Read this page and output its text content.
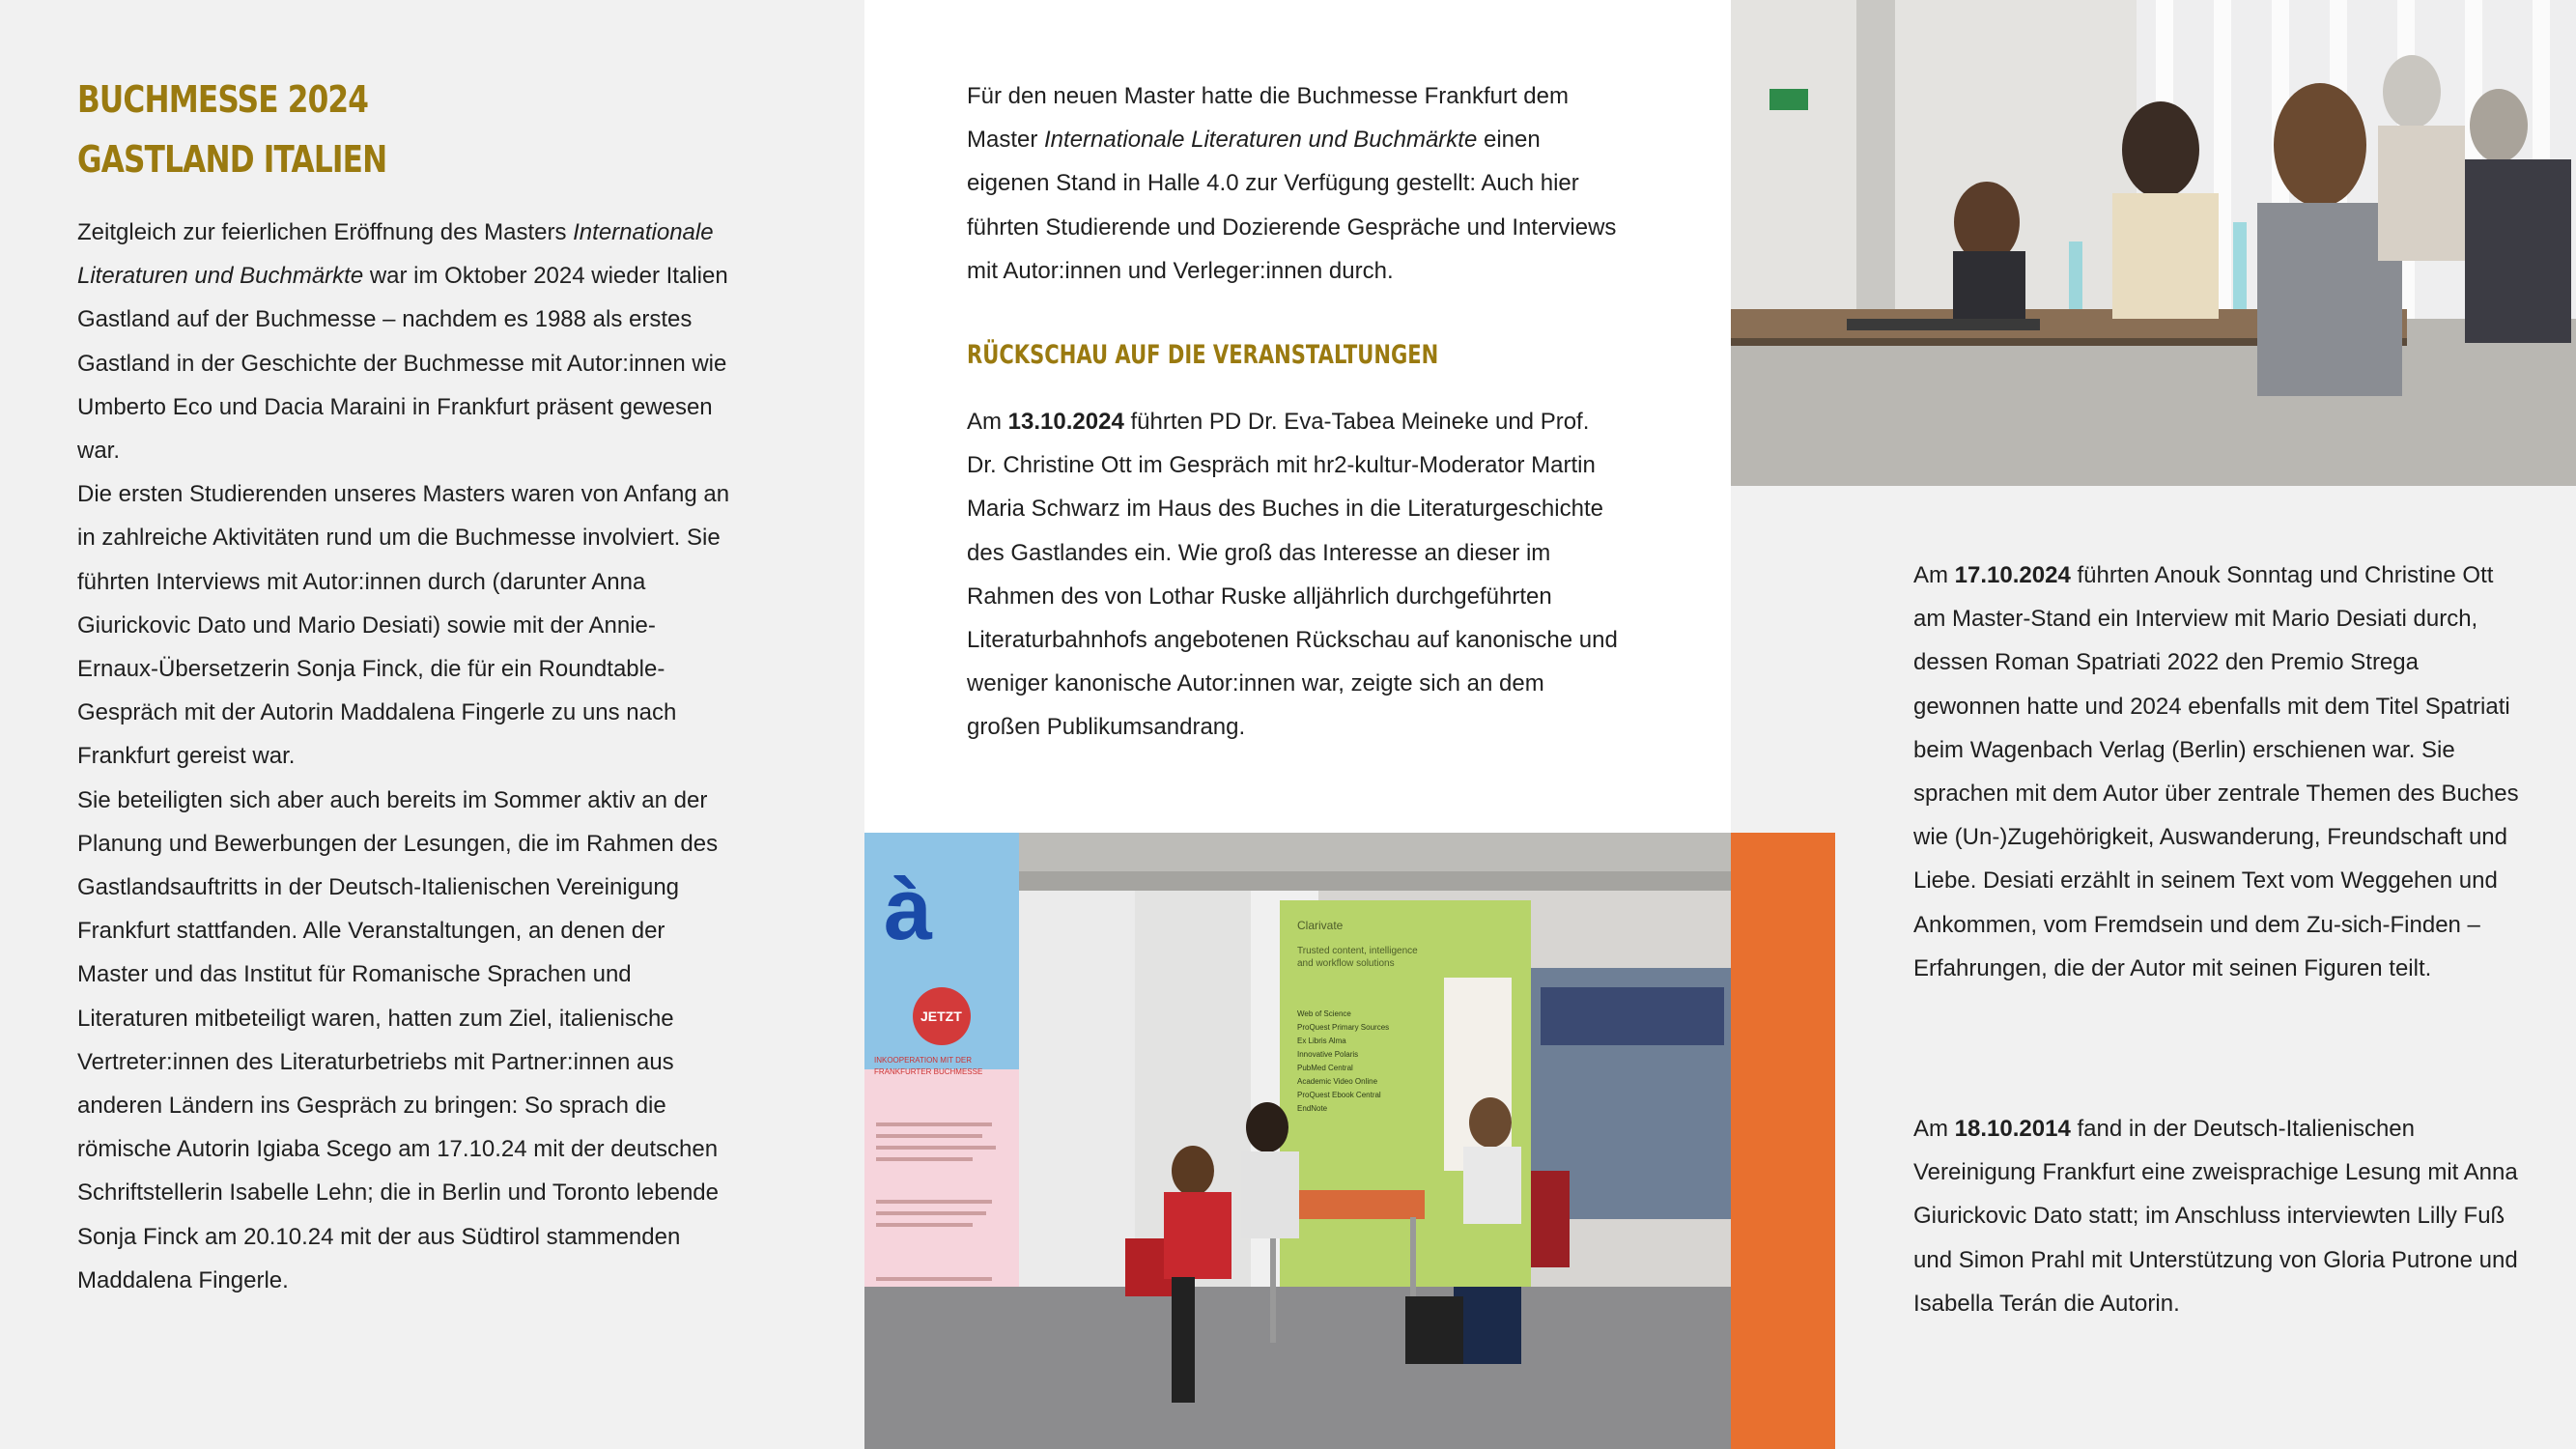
BUCHMESSE 2024
GASTLAND ITALIEN

Zeitgleich zur feierlichen Eröffnung des Masters Internationale Literaturen und Buchmärkte war im Oktober 2024 wieder Italien Gastland auf der Buchmesse – nachdem es 1988 als erstes Gastland in der Geschichte der Buchmesse mit Autor:innen wie Umberto Eco und Dacia Maraini in Frankfurt präsent gewesen war.

Die ersten Studierenden unseres Masters waren von Anfang an in zahlreiche Aktivitäten rund um die Buchmesse involviert. Sie führten Interviews mit Autor:innen durch (darunter Anna Giurickovic Dato und Mario Desiati) sowie mit der Annie-Ernaux-Übersetzerin Sonja Finck, die für ein Roundtable-Gespräch mit der Autorin Maddalena Fingerle zu uns nach Frankfurt gereist war.

Sie beteiligten sich aber auch bereits im Sommer aktiv an der Planung und Bewerbungen der Lesungen, die im Rahmen des Gastlandsauftritts in der Deutsch-Italienischen Vereinigung Frankfurt stattfanden. Alle Veranstaltungen, an denen der Master und das Institut für Romanische Sprachen und Literaturen mitbeteiligt waren, hatten zum Ziel, italienische Vertreter:innen des Literaturbetriebs mit Partner:innen aus anderen Ländern ins Gespräch zu bringen: So sprach die römische Autorin Igiaba Scego am 17.10.24 mit der deutschen Schriftstellerin Isabelle Lehn; die in Berlin und Toronto lebende Sonja Finck am 20.10.24 mit der aus Südtirol stammenden Maddalena Fingerle.

Für den neuen Master hatte die Buchmesse Frankfurt dem Master Internationale Literaturen und Buchmärkte einen eigenen Stand in Halle 4.0 zur Verfügung gestellt: Auch hier führten Studierende und Dozierende Gespräche und Interviews mit Autor:innen und Verleger:innen durch.

RÜCKSCHAU AUF DIE VERANSTALTUNGEN

Am 13.10.2024 führten PD Dr. Eva-Tabea Meineke und Prof. Dr. Christine Ott im Gespräch mit hr2-kultur-Moderator Martin Maria Schwarz im Haus des Buches in die Literaturgeschichte des Gastlandes ein. Wie groß das Interesse an dieser im Rahmen des von Lothar Ruske alljährlich durchgeführten Literaturbahnhofs angebotenen Rückschau auf kanonische und weniger kanonische Autor:innen war, zeigte sich an dem großen Publikumsandrang.

Am 17.10.2024 führten Anouk Sonntag und Christine Ott am Master-Stand ein Interview mit Mario Desiati durch, dessen Roman Spatriati 2022 den Premio Strega gewonnen hatte und 2024 ebenfalls mit dem Titel Spatriati beim Wagenbach Verlag (Berlin) erschienen war. Sie sprachen mit dem Autor über zentrale Themen des Buches wie (Un-)Zugehörigkeit, Auswanderung, Freundschaft und Liebe. Desiati erzählt in seinem Text vom Weggehen und Ankommen, vom Fremdsein und dem Zu-sich-Finden – Erfahrungen, die der Autor mit seinen Figuren teilt.

Am 18.10.2014 fand in der Deutsch-Italienischen Vereinigung Frankfurt eine zweisprachige Lesung mit Anna Giurickovic Dato statt; im Anschluss interviewten Lilly Fuß und Simon Prahl mit Unterstützung von Gloria Putrone und Isabella Terán die Autorin.

à
JETZT
INKOOPERATION MIT DER
FRANKFURTER BUCHMESSE
Clarivate
Trusted content, intelligence
and workflow solutions
Web of Science
ProQuest Primary Sources
Ex Libris Alma
Innovative Polaris
PubMed Central
Academic Video Online
ProQuest Ebook Central
EndNote
